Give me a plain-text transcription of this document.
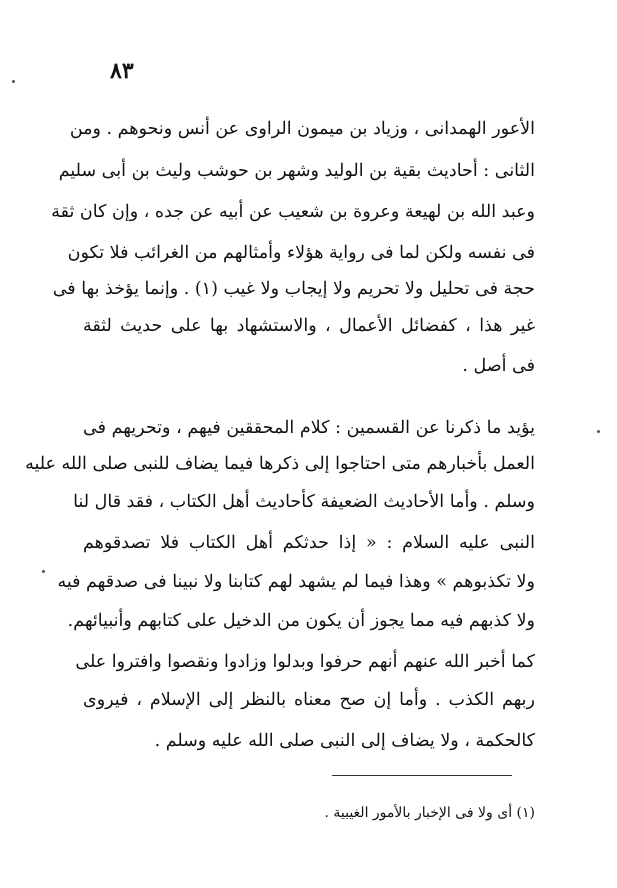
٨٣
الأعور الهمدانى ، وزياد بن ميمون الراوى عن أنس ونحوهم . ومن
الثانى : أحاديث بقية بن الوليد وشهر بن حوشب وليث بن أبى سليم
وعبد الله بن لهيعة وعروة بن شعيب عن أبيه عن جده ، وإن كان ثقة
فى نفسه ولكن لما فى رواية هؤلاء وأمثالهم من الغرائب فلا تكون
حجة فى تحليل ولا تحريم ولا إيجاب ولا غيب (١) . وإنما يؤخذ بها فى
غير هذا ، كفضائل الأعمال ، والاستشهاد بها على حديث لثقة
فى أصل .
يؤيد ما ذكرنا عن القسمين : كلام المحققين فيهم ، وتحريهم فى
العمل بأخبارهم متى احتاجوا إلى ذكرها فيما يضاف للنبى صلى الله عليه
وسلم . وأما الأحاديث الضعيفة كأحاديث أهل الكتاب ، فقد قال لنا
النبى عليه السلام : « إذا حدثكم أهل الكتاب فلا تصدقوهم
ولا تكذبوهم » وهذا فيما لم يشهد لهم كتابنا ولا نبينا فى صدقهم فيه
ولا كذبهم فيه مما يجوز أن يكون من الدخيل على كتابهم وأنبيائهم.
كما أخبر الله عنهم أنهم حرفوا وبدلوا وزادوا ونقصوا وافتروا على
ربهم الكذب . وأما إن صح معناه بالنظر إلى الإسلام ، فيروى
كالحكمة ، ولا يضاف إلى النبى صلى الله عليه وسلم .
(١) أى ولا فى الإخبار بالأمور الغيبية .
